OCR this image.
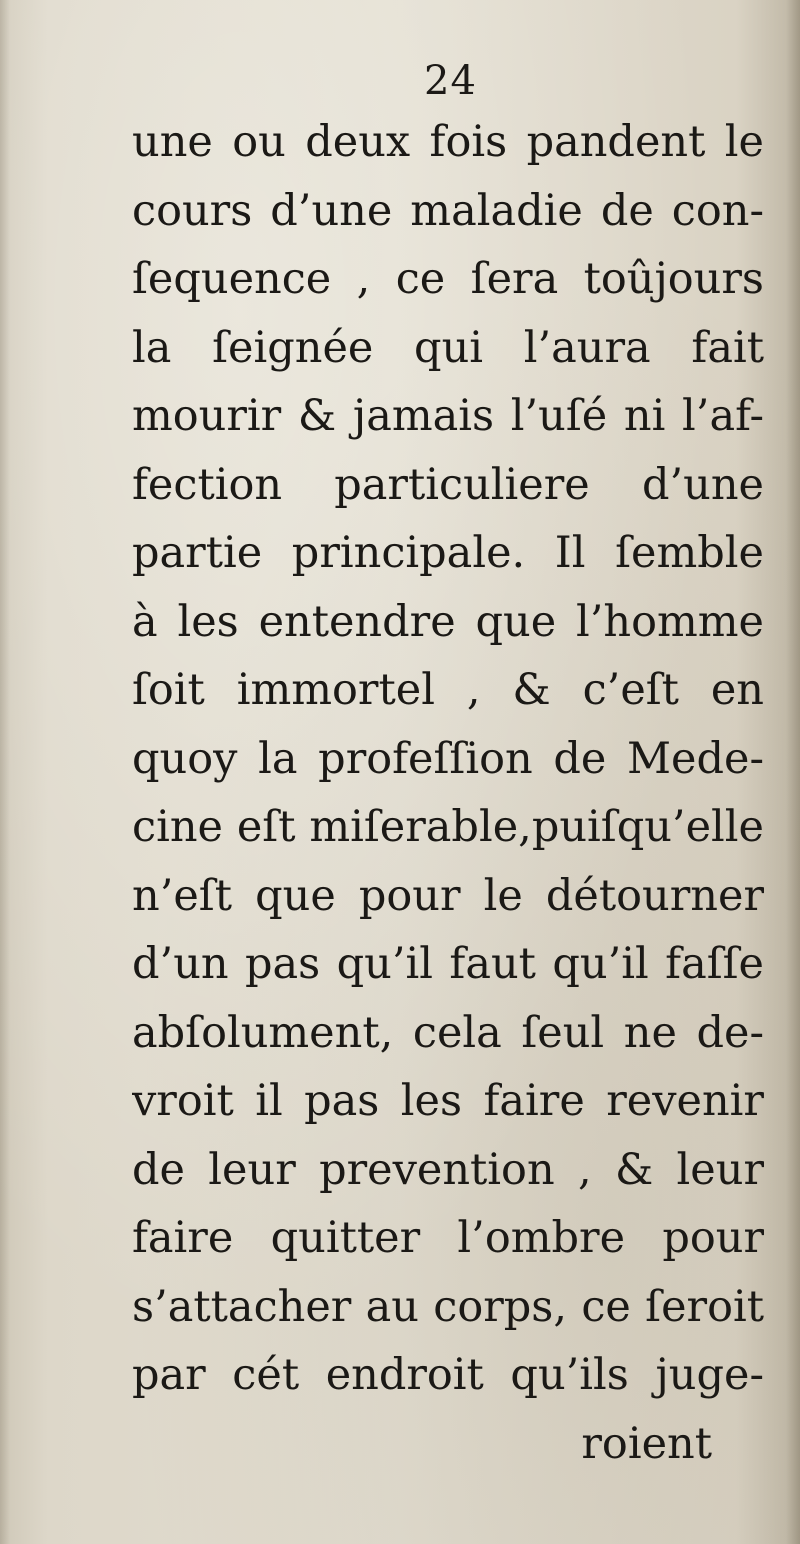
24
une ou deux fois pandent le
cours d’une maladie de con-
ſequence , ce ſera toûjours
la ſeignée qui l’aura fait
mourir & jamais l’uſé ni l’af-
fection particuliere d’une
partie principale. Il ſemble
à les entendre que l’homme
ſoit immortel , & c’eſt en
quoy la profeſſion de Mede-
cine eſt miſerable,puiſqu’elle
n’eſt que pour le détourner
d’un pas qu’il faut qu’il faſſe
abſolument, cela ſeul ne de-
vroit il pas les faire revenir
de leur prevention , & leur
faire quitter l’ombre pour
s’attacher au corps, ce ſeroit
par cét endroit qu’ils juge-
roient
